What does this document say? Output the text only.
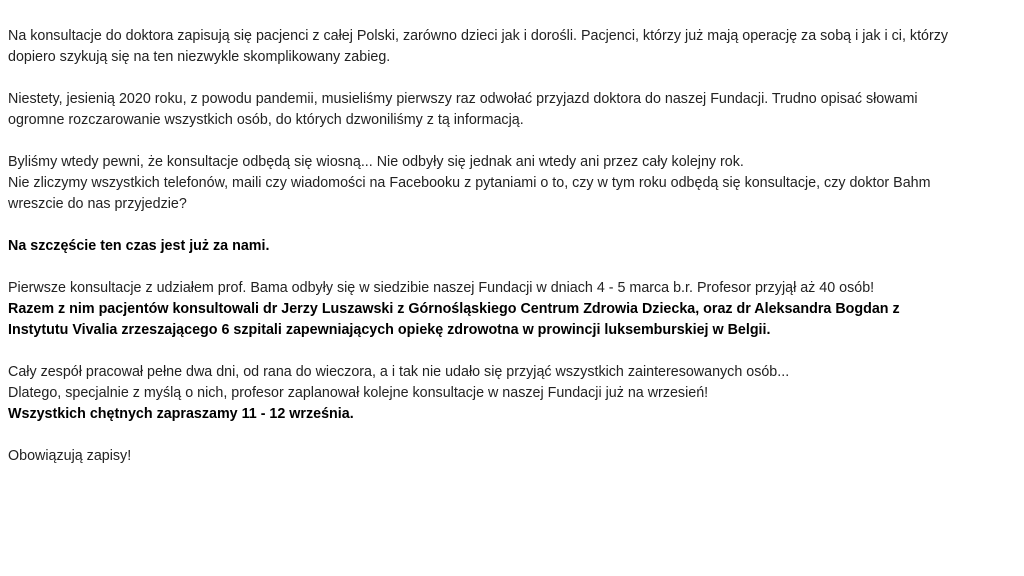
Na konsultacje do doktora zapisują się pacjenci z całej Polski, zarówno dzieci jak i dorośli. Pacjenci, którzy już mają operację za sobą i jak i ci, którzy
dopiero szykują się na ten niezwykle skomplikowany zabieg.

Niestety, jesienią 2020 roku, z powodu pandemii, musieliśmy pierwszy raz odwołać przyjazd doktora do naszej Fundacji. Trudno opisać słowami
ogromne rozczarowanie wszystkich osób, do których dzwoniliśmy z tą informacją.

Byliśmy wtedy pewni, że konsultacje odbędą się wiosną... Nie odbyły się jednak ani wtedy ani przez cały kolejny rok.
Nie zliczymy wszystkich telefonów, maili czy wiadomości na Facebooku z pytaniami o to, czy w tym roku odbędą się konsultacje, czy doktor Bahm
wreszcie do nas przyjedzie?

Na szczęście ten czas jest już za nami.

Pierwsze konsultacje z udziałem prof. Bama odbyły się w siedzibie naszej Fundacji w dniach 4 - 5 marca b.r. Profesor przyjął aż 40 osób!
Razem z nim pacjentów konsultowali dr Jerzy Luszawski z Górnośląskiego Centrum Zdrowia Dziecka, oraz dr Aleksandra Bogdan z
Instytutu Vivalia zrzeszającego 6 szpitali zapewniających opiekę zdrowotna w prowincji luksemburskiej w Belgii.

Cały zespół pracował pełne dwa dni, od rana do wieczora, a i tak nie udało się przyjąć wszystkich zainteresowanych osób...
Dlatego, specjalnie z myślą o nich, profesor zaplanował kolejne konsultacje w naszej Fundacji już na wrzesień!
Wszystkich chętnych zapraszamy 11 - 12 września.

Obowiązują zapisy!
